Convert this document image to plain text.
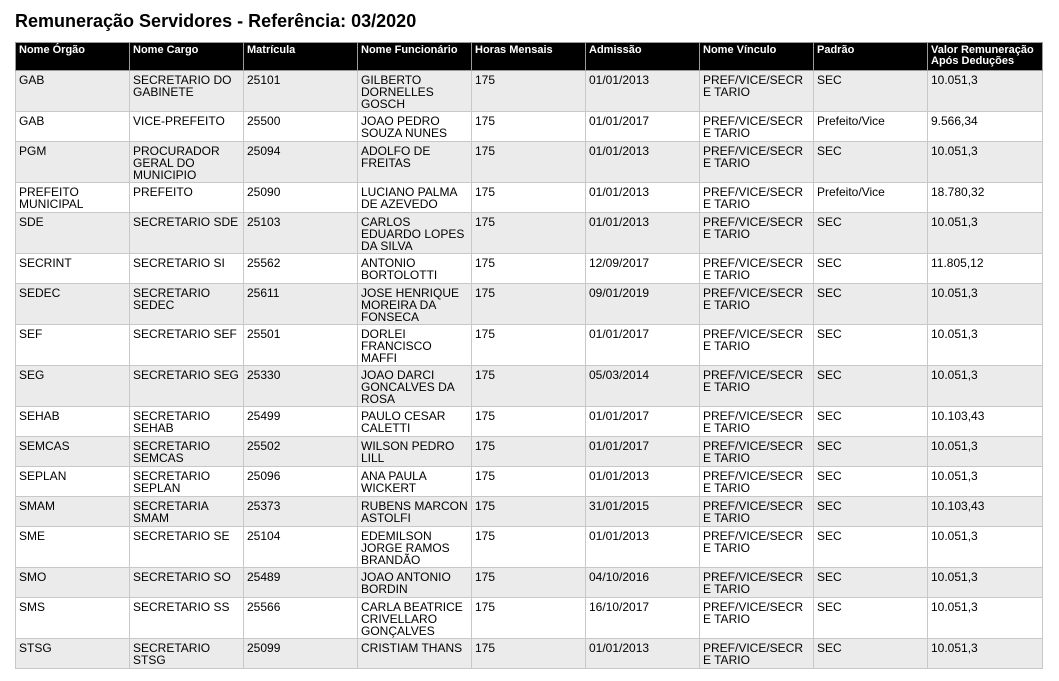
Remuneração Servidores - Referência: 03/2020
Nome Órgão	Nome Cargo	Matrícula	Nome Funcionário	Horas Mensais	Admissão	Nome Vínculo	Padrão	Valor Remuneração Após Deduções
GAB	SECRETARIO DO GABINETE	25101	GILBERTO DORNELLES GOSCH	175	01/01/2013	PREF/VICE/SECRE TARIO	SEC	10.051,3
GAB	VICE-PREFEITO	25500	JOAO PEDRO SOUZA NUNES	175	01/01/2017	PREF/VICE/SECRE TARIO	Prefeito/Vice	9.566,34
PGM	PROCURADOR GERAL DO MUNICIPIO	25094	ADOLFO DE FREITAS	175	01/01/2013	PREF/VICE/SECRE TARIO	SEC	10.051,3
PREFEITO MUNICIPAL	PREFEITO	25090	LUCIANO PALMA DE AZEVEDO	175	01/01/2013	PREF/VICE/SECRE TARIO	Prefeito/Vice	18.780,32
SDE	SECRETARIO SDE	25103	CARLOS EDUARDO LOPES DA SILVA	175	01/01/2013	PREF/VICE/SECRE TARIO	SEC	10.051,3
SECRINT	SECRETARIO SI	25562	ANTONIO BORTOLOTTI	175	12/09/2017	PREF/VICE/SECRE TARIO	SEC	11.805,12
SEDEC	SECRETARIO SEDEC	25611	JOSE HENRIQUE MOREIRA DA FONSECA	175	09/01/2019	PREF/VICE/SECRE TARIO	SEC	10.051,3
SEF	SECRETARIO SEF	25501	DORLEI FRANCISCO MAFFI	175	01/01/2017	PREF/VICE/SECRE TARIO	SEC	10.051,3
SEG	SECRETARIO SEG	25330	JOAO DARCI GONCALVES DA ROSA	175	05/03/2014	PREF/VICE/SECRE TARIO	SEC	10.051,3
SEHAB	SECRETARIO SEHAB	25499	PAULO CESAR CALETTI	175	01/01/2017	PREF/VICE/SECRE TARIO	SEC	10.103,43
SEMCAS	SECRETARIO SEMCAS	25502	WILSON PEDRO LILL	175	01/01/2017	PREF/VICE/SECRE TARIO	SEC	10.051,3
SEPLAN	SECRETARIO SEPLAN	25096	ANA PAULA WICKERT	175	01/01/2013	PREF/VICE/SECRE TARIO	SEC	10.051,3
SMAM	SECRETARIA SMAM	25373	RUBENS MARCON ASTOLFI	175	31/01/2015	PREF/VICE/SECRE TARIO	SEC	10.103,43
SME	SECRETARIO SE	25104	EDEMILSON JORGE RAMOS BRANDÃO	175	01/01/2013	PREF/VICE/SECRE TARIO	SEC	10.051,3
SMO	SECRETARIO SO	25489	JOAO ANTONIO BORDIN	175	04/10/2016	PREF/VICE/SECRE TARIO	SEC	10.051,3
SMS	SECRETARIO SS	25566	CARLA BEATRICE CRIVELLARO GONÇALVES	175	16/10/2017	PREF/VICE/SECRE TARIO	SEC	10.051,3
STSG	SECRETARIO STSG	25099	CRISTIAM THANS	175	01/01/2013	PREF/VICE/SECRE TARIO	SEC	10.051,3
